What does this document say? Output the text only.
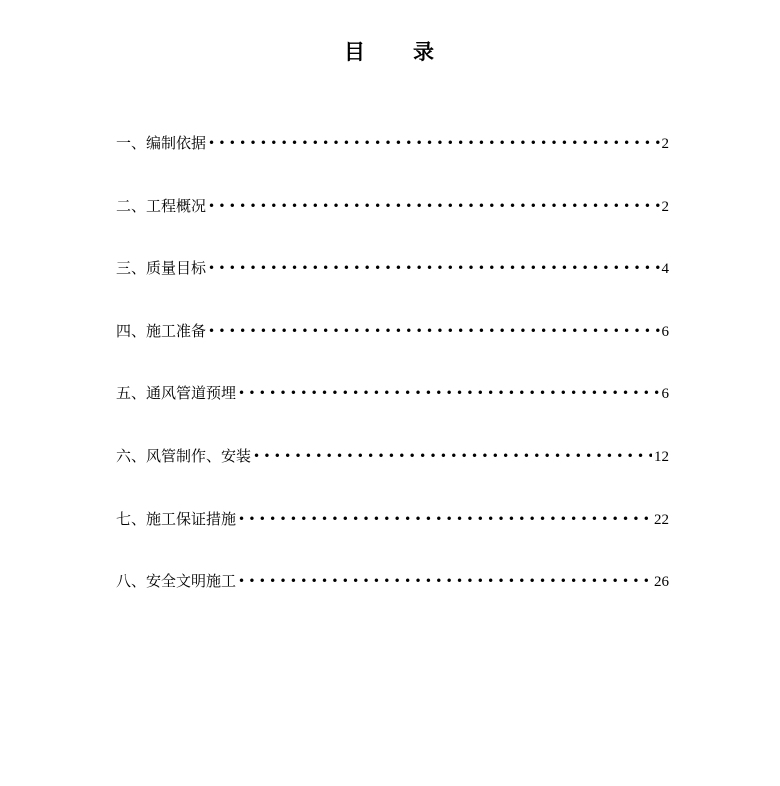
目 录
一、编制依据 •••••	2
二、工程概况 •••••	2
三、质量目标 •••••	4
四、施工准备 •••••	6
五、通风管道预埋 •••••	6
六、风管制作、安装 •••••	12
七、施工保证措施 •••••	22
八、安全文明施工 •••••	26
